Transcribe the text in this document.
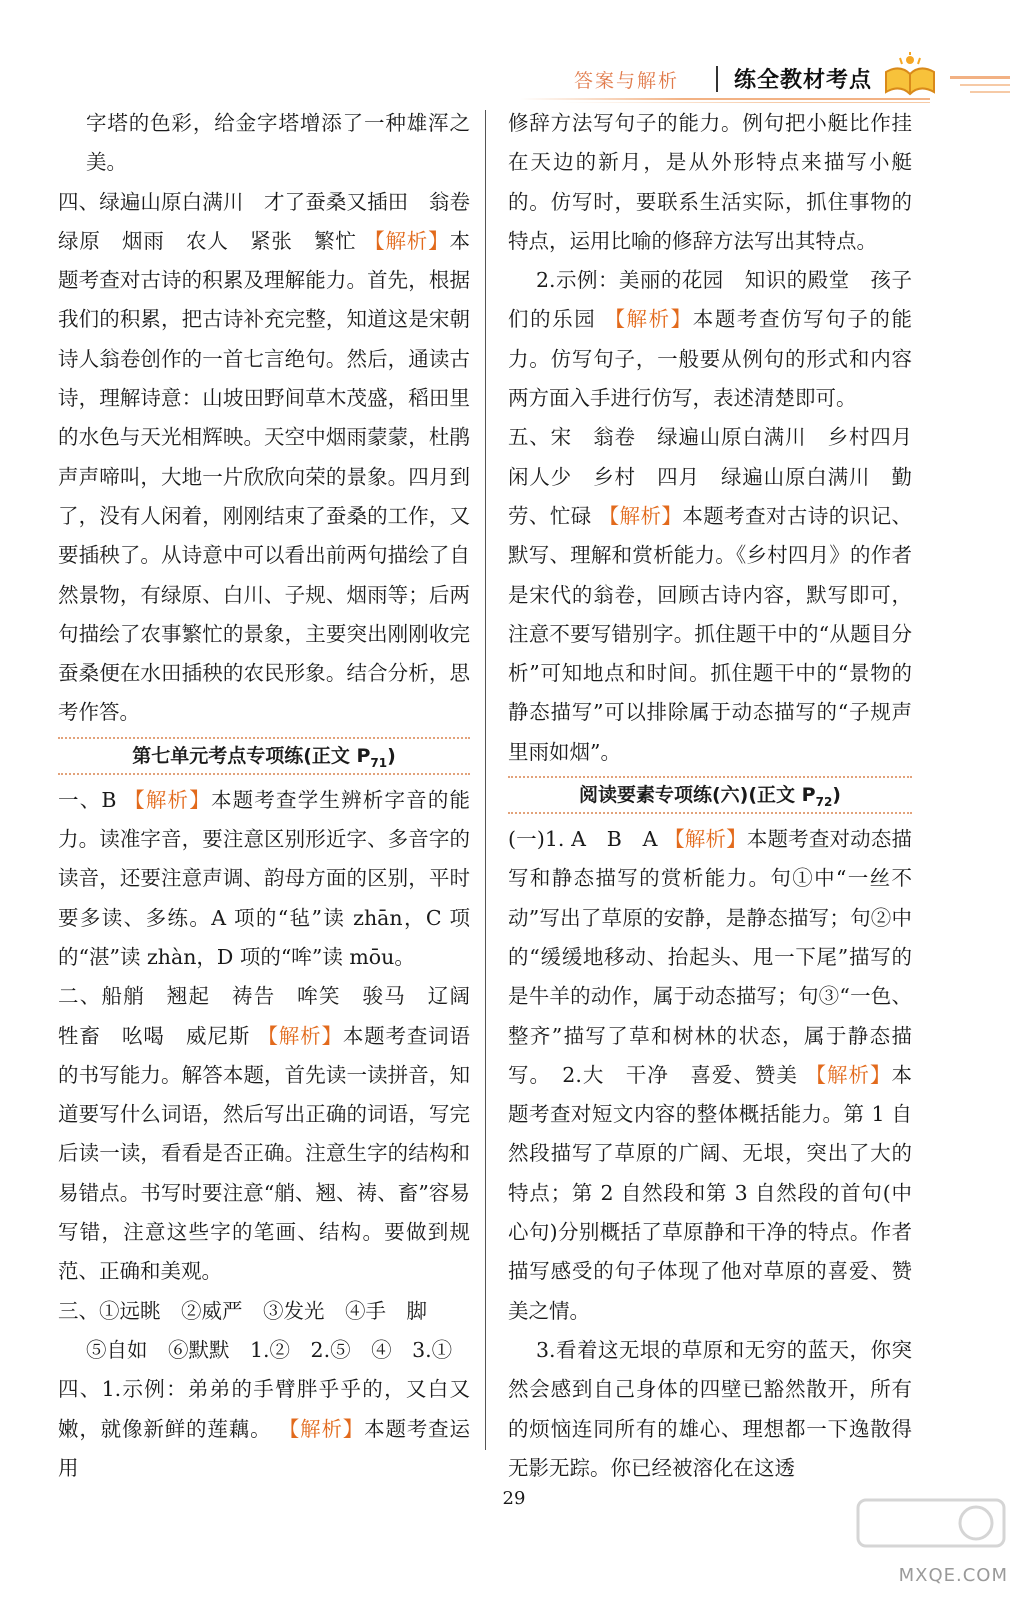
答案与解析 练全教材考点

字塔的色彩，给金字塔增添了一种雄浑之美。

四、绿遍山原白满川　才了蚕桑又插田　翁卷　绿原　烟雨　农人　紧张　繁忙 【解析】本题考查对古诗的积累及理解能力。首先，根据我们的积累，把古诗补充完整，知道这是宋朝诗人翁卷创作的一首七言绝句。然后，通读古诗，理解诗意：山坡田野间草木茂盛，稻田里的水色与天光相辉映。天空中烟雨蒙蒙，杜鹃声声啼叫，大地一片欣欣向荣的景象。四月到了，没有人闲着，刚刚结束了蚕桑的工作，又要插秧了。从诗意中可以看出前两句描绘了自然景物，有绿原、白川、子规、烟雨等；后两句描绘了农事繁忙的景象，主要突出刚刚收完蚕桑便在水田插秧的农民形象。结合分析，思考作答。

第七单元考点专项练(正文 $P_{71}$)

一、B 【解析】本题考查学生辨析字音的能力。读准字音，要注意区别形近字、多音字的读音，还要注意声调、韵母方面的区别，平时要多读、多练。A 项的“毡”读 zhān，C 项的“湛”读 zhàn，D 项的“哞”读 mōu。

二、船艄　翘起　祷告　哞笑　骏马　辽阔　牲畜　吆喝　威尼斯 【解析】本题考查词语的书写能力。解答本题，首先读一读拼音，知道要写什么词语，然后写出正确的词语，写完后读一读，看看是否正确。注意生字的结构和易错点。书写时要注意“艄、翘、祷、畜”容易写错，注意这些字的笔画、结构。要做到规范、正确和美观。

三、①远眺　②威严　③发光　④手　脚

⑤自如　⑥默默　1.②　2.⑤　④　3.①

四、1.示例：弟弟的手臂胖乎乎的，又白又嫩，就像新鲜的莲藕。 【解析】本题考查运用

修辞方法写句子的能力。例句把小艇比作挂在天边的新月，是从外形特点来描写小艇的。仿写时，要联系生活实际，抓住事物的特点，运用比喻的修辞方法写出其特点。

2.示例：美丽的花园　知识的殿堂　孩子们的乐园 【解析】本题考查仿写句子的能力。仿写句子，一般要从例句的形式和内容两方面入手进行仿写，表述清楚即可。

五、宋　翁卷　绿遍山原白满川　乡村四月闲人少　乡村　四月　绿遍山原白满川　勤劳、忙碌 【解析】本题考查对古诗的识记、默写、理解和赏析能力。《乡村四月》的作者是宋代的翁卷，回顾古诗内容，默写即可，注意不要写错别字。抓住题干中的“从题目分析”可知地点和时间。抓住题干中的“景物的静态描写”可以排除属于动态描写的“子规声里雨如烟”。

阅读要素专项练(六)(正文 $P_{72}$)

(一)1. A　B　A 【解析】本题考查对动态描写和静态描写的赏析能力。句①中“一丝不动”写出了草原的安静，是静态描写；句②中的“缓缓地移动、抬起头、甩一下尾”描写的是牛羊的动作，属于动态描写；句③“一色、整齐”描写了草和树林的状态，属于静态描写。　2.大　干净　喜爱、赞美 【解析】本题考查对短文内容的整体概括能力。第 1 自然段描写了草原的广阔、无垠，突出了大的特点；第 2 自然段和第 3 自然段的首句(中心句)分别概括了草原静和干净的特点。作者描写感受的句子体现了他对草原的喜爱、赞美之情。

3.看着这无垠的草原和无穷的蓝天，你突然会感到自己身体的四壁已豁然散开，所有的烦恼连同所有的雄心、理想都一下逸散得无影无踪。你已经被溶化在这透

29
MXQE.COM
